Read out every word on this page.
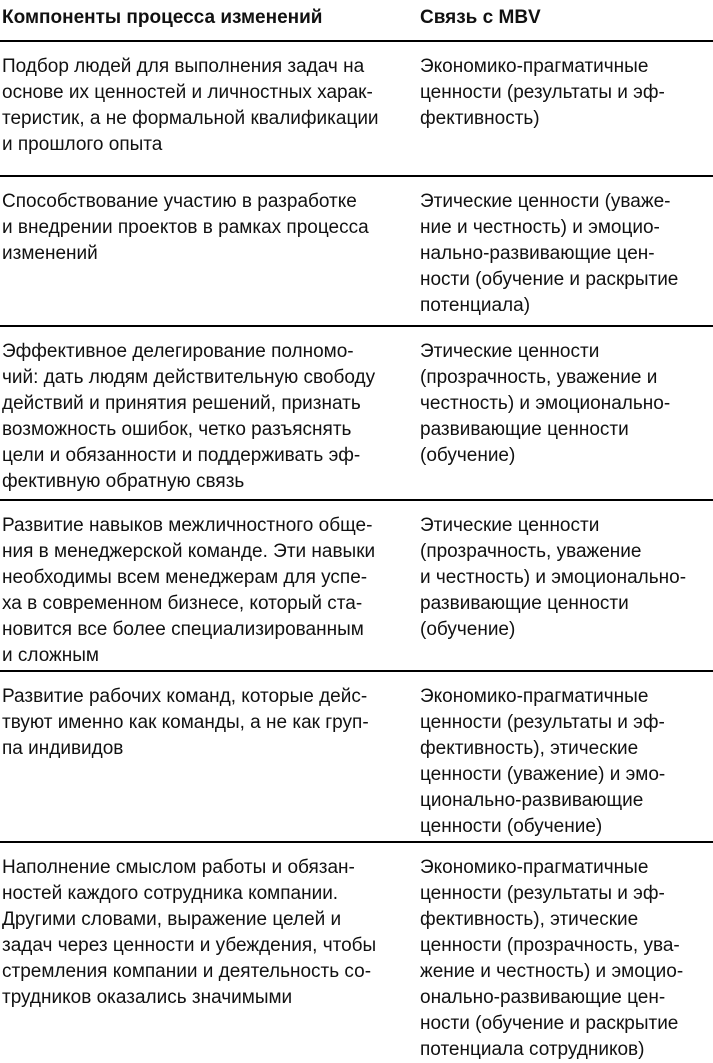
Компоненты процесса изменений	Связь с MBV
Подбор людей для выполнения задач на
основе их ценностей и личностных харак-
теристик, а не формальной квалификации
и прошлого опыта
Экономико-прагматичные
ценности (результаты и эф-
фективность)
Способствование участию в разработке
и внедрении проектов в рамках процесса
изменений
Этические ценности (уваже-
ние и честность) и эмоцио-
нально-развивающие цен-
ности (обучение и раскрытие
потенциала)
Эффективное делегирование полномо-
чий: дать людям действительную свободу
действий и принятия решений, признать
возможность ошибок, четко разъяснять
цели и обязанности и поддерживать эф-
фективную обратную связь
Этические ценности
(прозрачность, уважение и
честность) и эмоционально-
развивающие ценности
(обучение)
Развитие навыков межличностного обще-
ния в менеджерской команде. Эти навыки
необходимы всем менеджерам для успе-
ха в современном бизнесе, который ста-
новится все более специализированным
и сложным
Этические ценности
(прозрачность, уважение
и честность) и эмоционально-
развивающие ценности
(обучение)
Развитие рабочих команд, которые дейс-
твуют именно как команды, а не как груп-
па индивидов
Экономико-прагматичные
ценности (результаты и эф-
фективность), этические
ценности (уважение) и эмо-
ционально-развивающие
ценности (обучение)
Наполнение смыслом работы и обязан-
ностей каждого сотрудника компании.
Другими словами, выражение целей и
задач через ценности и убеждения, чтобы
стремления компании и деятельность со-
трудников оказались значимыми
Экономико-прагматичные
ценности (результаты и эф-
фективность), этические
ценности (прозрачность, ува-
жение и честность) и эмоцио-
онально-развивающие цен-
ности (обучение и раскрытие
потенциала сотрудников)
